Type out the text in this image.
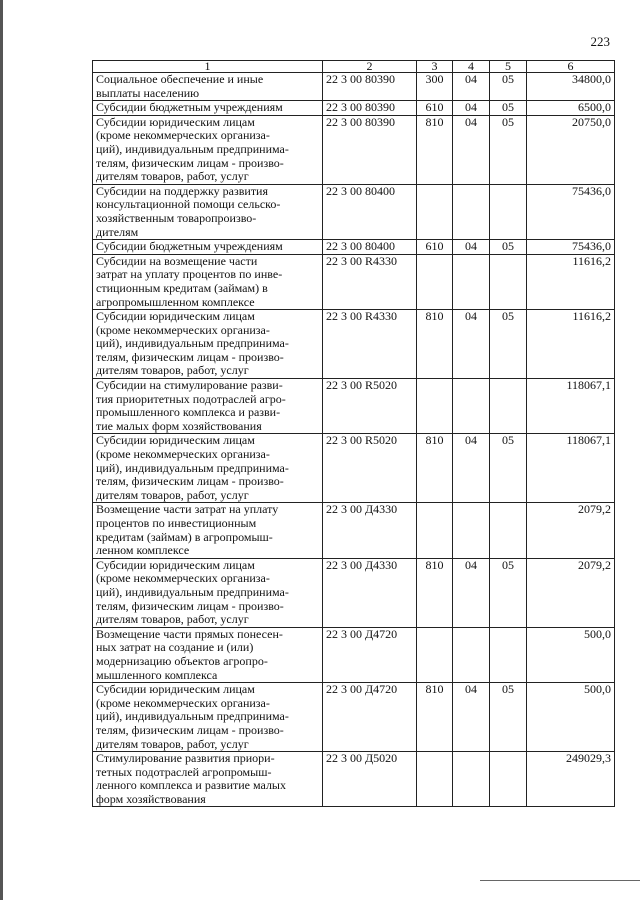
223
1	2	3	4	5	6

Социальное обеспечение и иные
выплаты населению	22 3 00 80390	300	04	05	34800,0

Субсидии бюджетным учреждениям	22 3 00 80390	610	04	05	6500,0

Субсидии юридическим лицам
(кроме некоммерческих организа-
ций), индивидуальным предпринима-
телям, физическим лицам - произво-
дителям товаров, работ, услуг	22 3 00 80390	810	04	05	20750,0

Субсидии на поддержку развития
консультационной помощи сельско-
хозяйственным товаропроизво-
дителям	22 3 00 80400				75436,0

Субсидии бюджетным учреждениям	22 3 00 80400	610	04	05	75436,0

Субсидии на возмещение части
затрат на уплату процентов по инве-
стиционным кредитам (займам) в
агропромышленном комплексе	22 3 00 R4330				11616,2

Субсидии юридическим лицам
(кроме некоммерческих организа-
ций), индивидуальным предпринима-
телям, физическим лицам - произво-
дителям товаров, работ, услуг	22 3 00 R4330	810	04	05	11616,2

Субсидии на стимулирование разви-
тия приоритетных подотраслей агро-
промышленного комплекса и разви-
тие малых форм хозяйствования	22 3 00 R5020				118067,1

Субсидии юридическим лицам
(кроме некоммерческих организа-
ций), индивидуальным предпринима-
телям, физическим лицам - произво-
дителям товаров, работ, услуг	22 3 00 R5020	810	04	05	118067,1

Возмещение части затрат на уплату
процентов по инвестиционным
кредитам (займам) в агропромыш-
ленном комплексе	22 3 00 Д4330				2079,2

Субсидии юридическим лицам
(кроме некоммерческих организа-
ций), индивидуальным предпринима-
телям, физическим лицам - произво-
дителям товаров, работ, услуг	22 3 00 Д4330	810	04	05	2079,2

Возмещение части прямых понесен-
ных затрат на создание и (или)
модернизацию объектов агропро-
мышленного комплекса	22 3 00 Д4720				500,0

Субсидии юридическим лицам
(кроме некоммерческих организа-
ций), индивидуальным предпринима-
телям, физическим лицам - произво-
дителям товаров, работ, услуг	22 3 00 Д4720	810	04	05	500,0

Стимулирование развития приори-
тетных подотраслей агропромыш-
ленного комплекса и развитие малых
форм хозяйствования	22 3 00 Д5020				249029,3
